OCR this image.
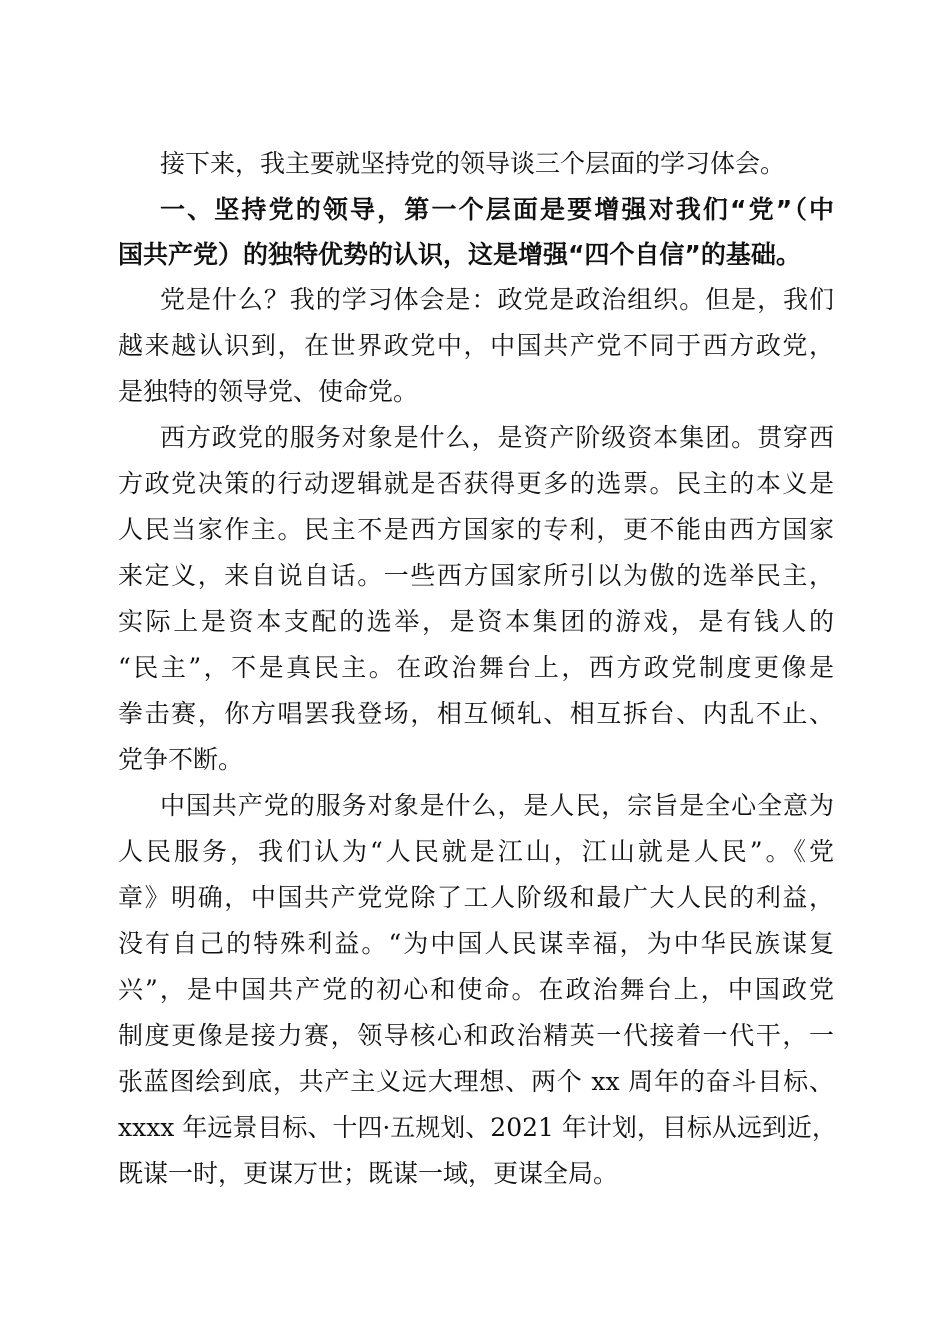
接下来，我主要就坚持党的领导谈三个层面的学习体会。
一、坚持党的领导，第一个层面是要增强对我们“党”（中
国共产党）的独特优势的认识，这是增强“四个自信”的基础。
党是什么？我的学习体会是：政党是政治组织。但是，我们
越来越认识到，在世界政党中，中国共产党不同于西方政党，
是独特的领导党、使命党。
西方政党的服务对象是什么，是资产阶级资本集团。贯穿西
方政党决策的行动逻辑就是否获得更多的选票。民主的本义是
人民当家作主。民主不是西方国家的专利，更不能由西方国家
来定义，来自说自话。一些西方国家所引以为傲的选举民主，
实际上是资本支配的选举，是资本集团的游戏，是有钱人的
“民主”，不是真民主。在政治舞台上，西方政党制度更像是
拳击赛，你方唱罢我登场，相互倾轧、相互拆台、内乱不止、
党争不断。
中国共产党的服务对象是什么，是人民，宗旨是全心全意为
人民服务，我们认为“人民就是江山，江山就是人民”。《党
章》明确，中国共产党党除了工人阶级和最广大人民的利益，
没有自己的特殊利益。“为中国人民谋幸福，为中华民族谋复
兴”，是中国共产党的初心和使命。在政治舞台上，中国政党
制度更像是接力赛，领导核心和政治精英一代接着一代干，一
张蓝图绘到底，共产主义远大理想、两个 xx 周年的奋斗目标、
xxxx 年远景目标、十四·五规划、2021 年计划，目标从远到近，
既谋一时，更谋万世；既谋一域，更谋全局。
